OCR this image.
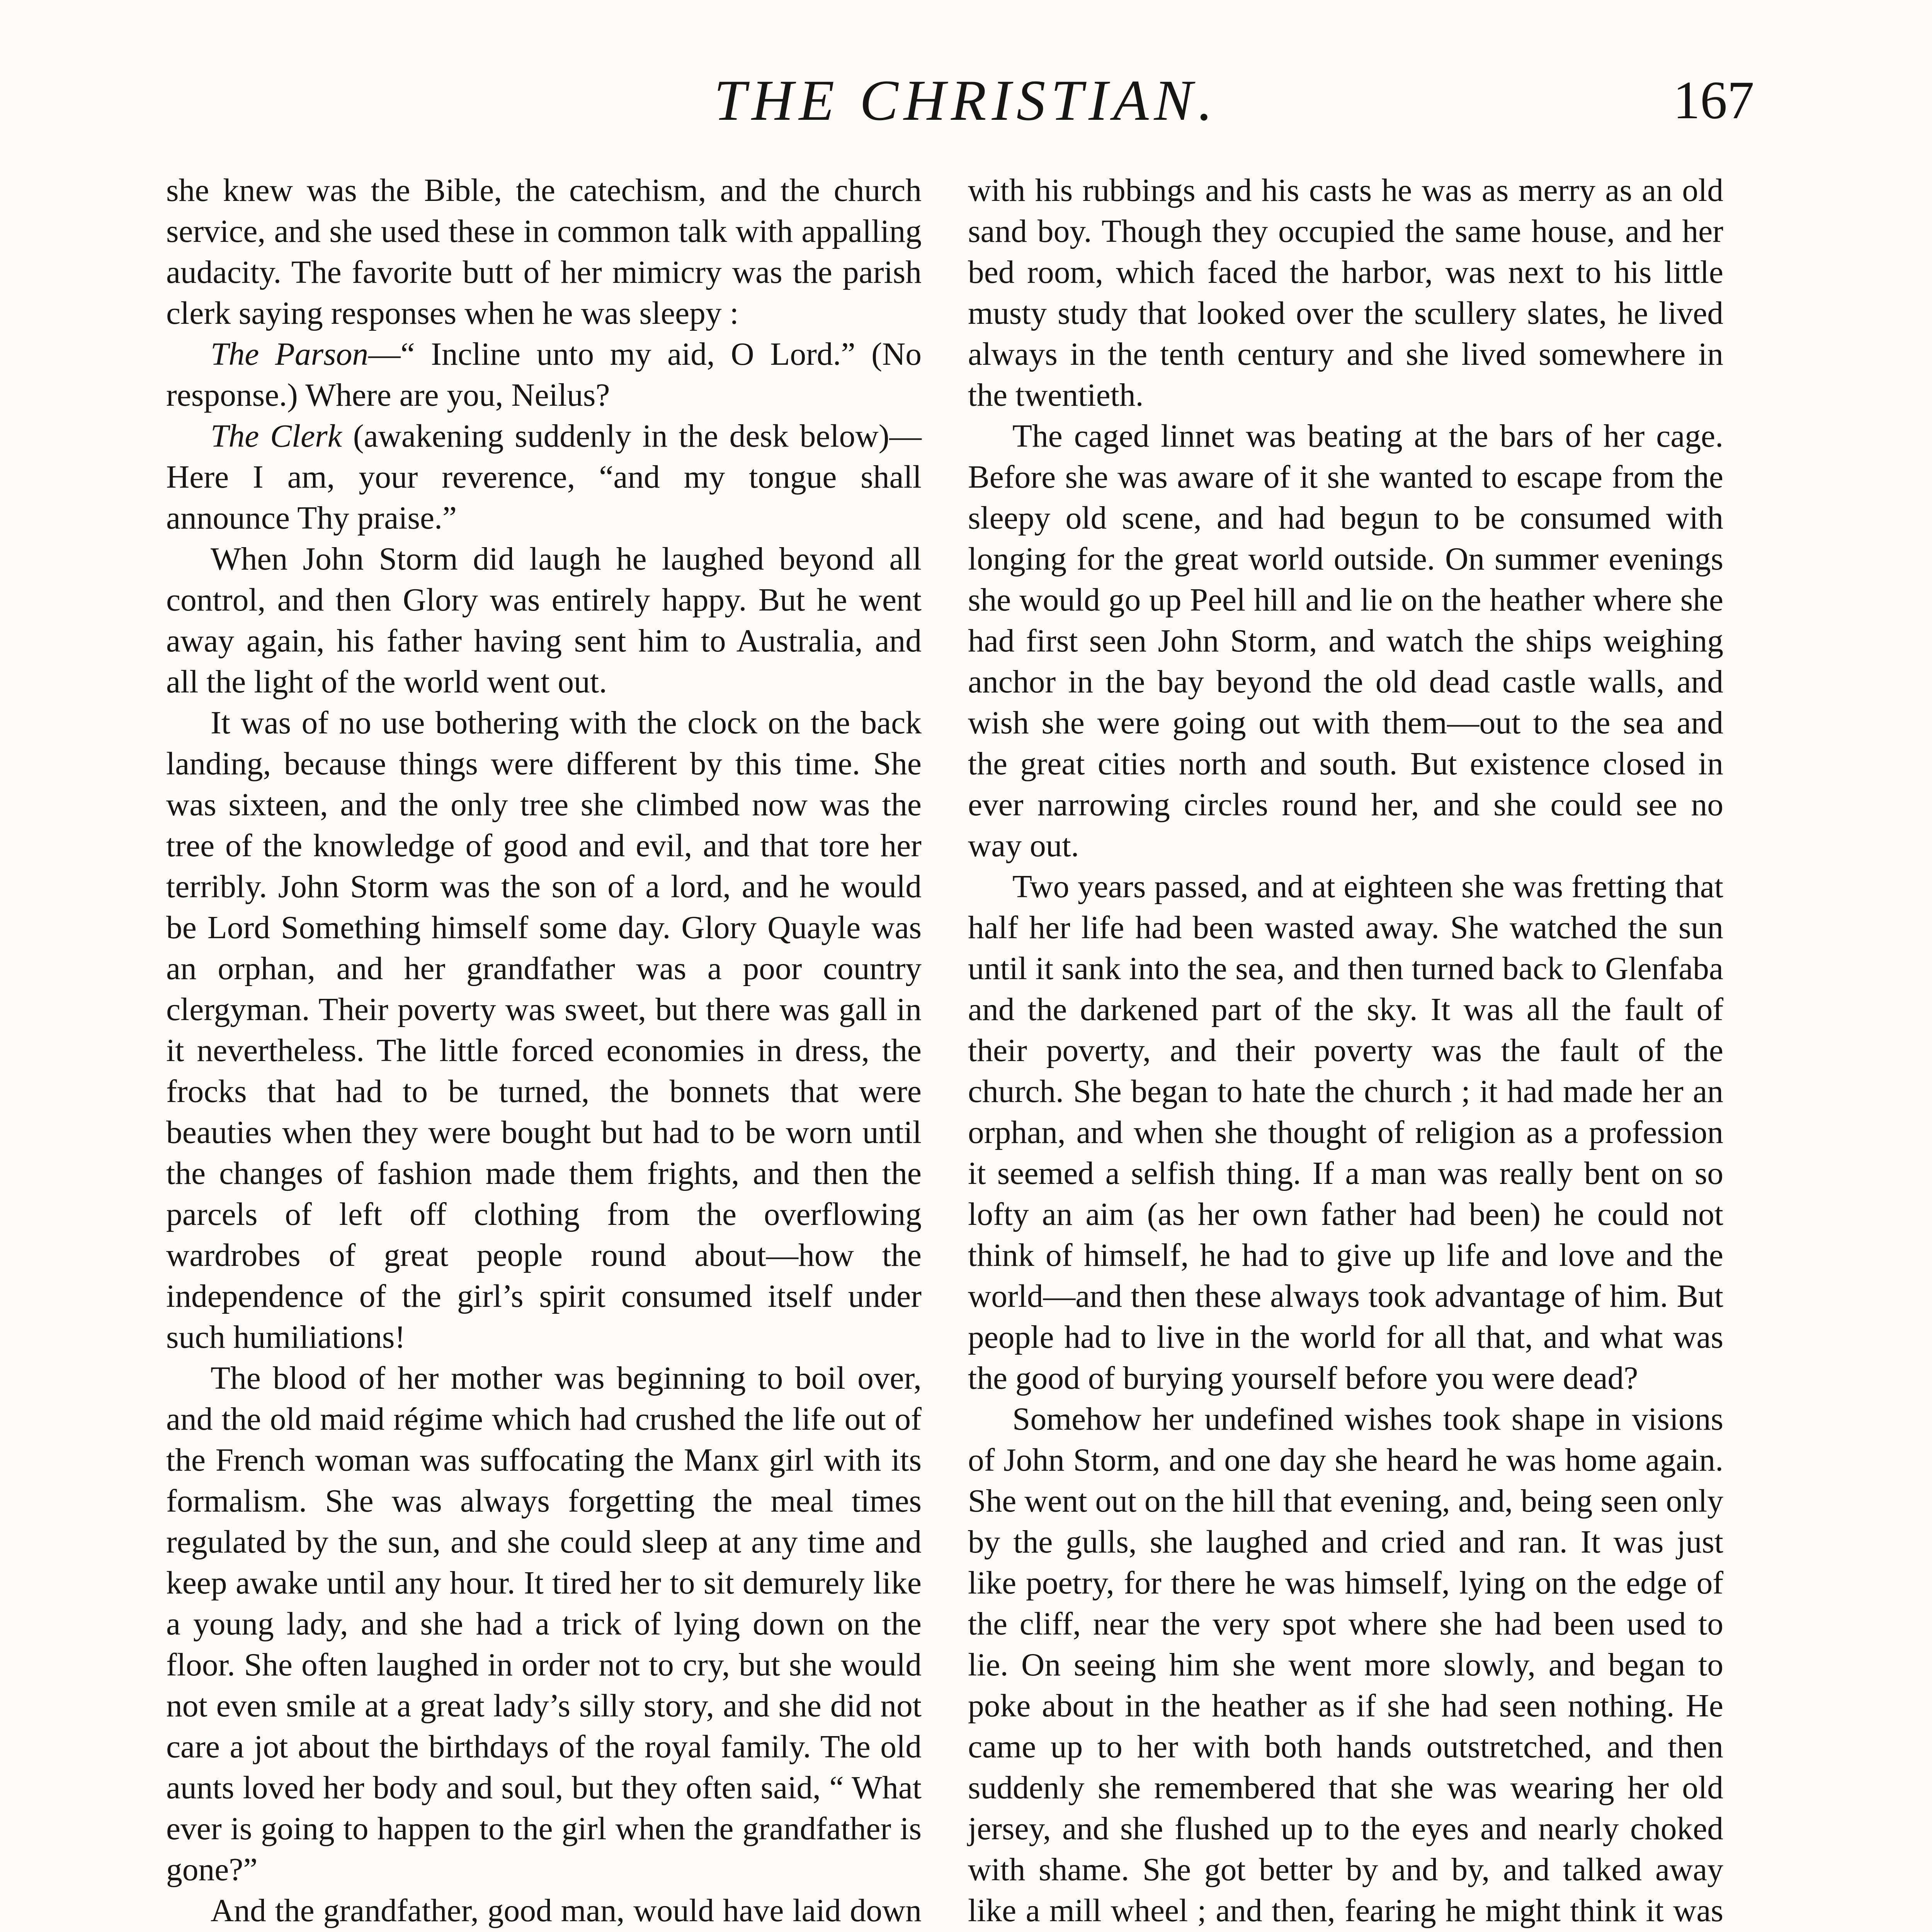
THE CHRISTIAN.	167

she knew was the Bible, the catechism, and the church service, and she used these in common talk with appalling audacity. The favorite butt of her mimicry was the parish clerk saying responses when he was sleepy :

The Parson—“ Incline unto my aid, O Lord.” (No response.) Where are you, Neilus?

The Clerk (awakening suddenly in the desk below)—Here I am, your reverence, “and my tongue shall announce Thy praise.”

When John Storm did laugh he laughed beyond all control, and then Glory was entirely happy. But he went away again, his father having sent him to Australia, and all the light of the world went out.

It was of no use bothering with the clock on the back landing, because things were different by this time. She was sixteen, and the only tree she climbed now was the tree of the knowledge of good and evil, and that tore her terribly. John Storm was the son of a lord, and he would be Lord Something himself some day. Glory Quayle was an orphan, and her grandfather was a poor country clergyman. Their poverty was sweet, but there was gall in it nevertheless. The little forced economies in dress, the frocks that had to be turned, the bonnets that were beauties when they were bought but had to be worn until the changes of fashion made them frights, and then the parcels of left off clothing from the overflowing wardrobes of great people round about—how the independence of the girl’s spirit consumed itself under such humiliations!

The blood of her mother was beginning to boil over, and the old maid régime which had crushed the life out of the French woman was suffocating the Manx girl with its formalism. She was always forgetting the meal times regulated by the sun, and she could sleep at any time and keep awake until any hour. It tired her to sit demurely like a young lady, and she had a trick of lying down on the floor. She often laughed in order not to cry, but she would not even smile at a great lady’s silly story, and she did not care a jot about the birthdays of the royal family. The old aunts loved her body and soul, but they often said, “ What ever is going to happen to the girl when the grandfather is gone?”

And the grandfather, good man, would have laid down

with his rubbings and his casts he was as merry as an old sand boy. Though they occupied the same house, and her bed room, which faced the harbor, was next to his little musty study that looked over the scullery slates, he lived always in the tenth century and she lived somewhere in the twentieth.

The caged linnet was beating at the bars of her cage. Before she was aware of it she wanted to escape from the sleepy old scene, and had begun to be consumed with longing for the great world outside. On summer evenings she would go up Peel hill and lie on the heather where she had first seen John Storm, and watch the ships weighing anchor in the bay beyond the old dead castle walls, and wish she were going out with them—out to the sea and the great cities north and south. But existence closed in ever narrowing circles round her, and she could see no way out.

Two years passed, and at eighteen she was fretting that half her life had been wasted away. She watched the sun until it sank into the sea, and then turned back to Glenfaba and the darkened part of the sky. It was all the fault of their poverty, and their poverty was the fault of the church. She began to hate the church ; it had made her an orphan, and when she thought of religion as a profession it seemed a selfish thing. If a man was really bent on so lofty an aim (as her own father had been) he could not think of himself, he had to give up life and love and the world—and then these always took advantage of him. But people had to live in the world for all that, and what was the good of burying yourself before you were dead?

Somehow her undefined wishes took shape in visions of John Storm, and one day she heard he was home again. She went out on the hill that evening, and, being seen only by the gulls, she laughed and cried and ran. It was just like poetry, for there he was himself, lying on the edge of the cliff, near the very spot where she had been used to lie. On seeing him she went more slowly, and began to poke about in the heather as if she had seen nothing. He came up to her with both hands outstretched, and then suddenly she remembered that she was wearing her old jersey, and she flushed up to the eyes and nearly choked with shame. She got better by and by, and talked away like a mill wheel ; and then, fearing he might think it was
